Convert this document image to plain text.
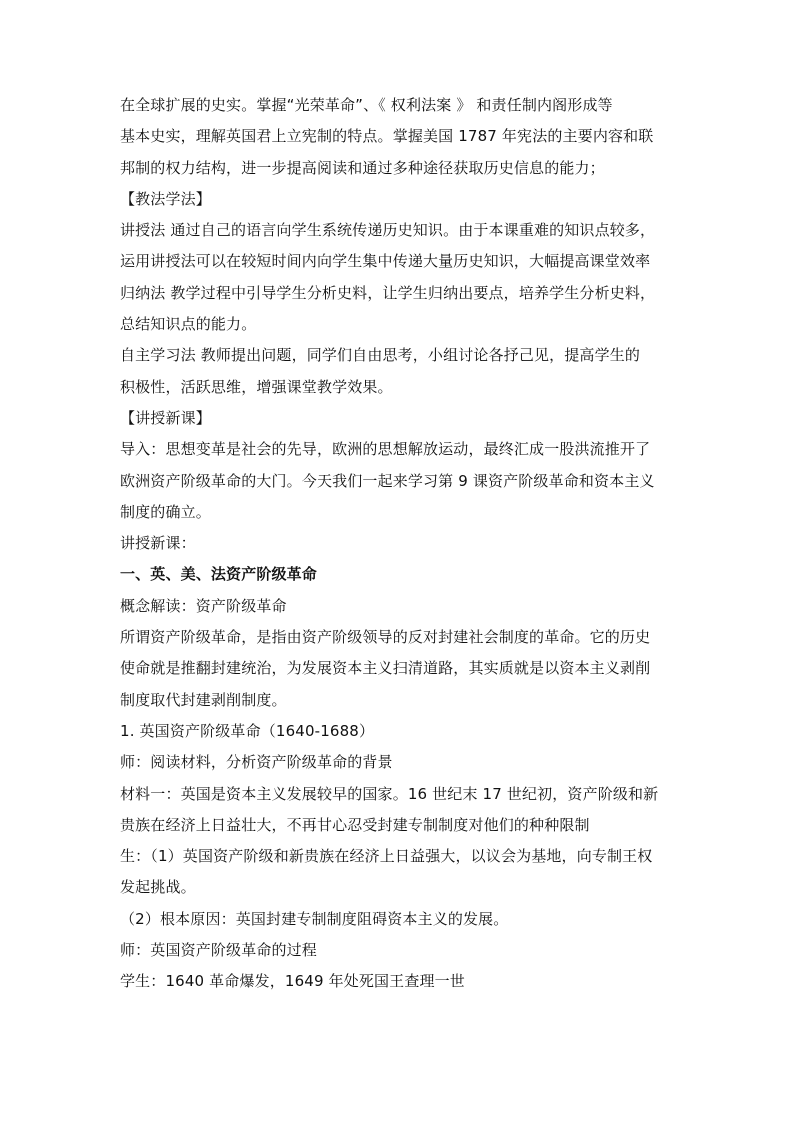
在全球扩展的史实。掌握“光荣革命”、《 权利法案 》 和责任制内阁形成等
基本史实，理解英国君上立宪制的特点。掌握美国 1787 年宪法的主要内容和联
邦制的权力结构，进一步提高阅读和通过多种途径获取历史信息的能力；
【教法学法】
讲授法 通过自己的语言向学生系统传递历史知识。由于本课重难的知识点较多，
运用讲授法可以在较短时间内向学生集中传递大量历史知识，大幅提高课堂效率
归纳法 教学过程中引导学生分析史料，让学生归纳出要点，培养学生分析史料，
总结知识点的能力。
自主学习法 教师提出问题，同学们自由思考，小组讨论各抒己见，提高学生的
积极性，活跃思维，增强课堂教学效果。
【讲授新课】
导入：思想变革是社会的先导，欧洲的思想解放运动，最终汇成一股洪流推开了
欧洲资产阶级革命的大门。今天我们一起来学习第 9 课资产阶级革命和资本主义
制度的确立。
讲授新课：
一、英、美、法资产阶级革命
概念解读：资产阶级革命
所谓资产阶级革命，是指由资产阶级领导的反对封建社会制度的革命。它的历史
使命就是推翻封建统治，为发展资本主义扫清道路，其实质就是以资本主义剥削
制度取代封建剥削制度。
1. 英国资产阶级革命（1640-1688）
师：阅读材料，分析资产阶级革命的背景
材料一：英国是资本主义发展较早的国家。16 世纪末 17 世纪初，资产阶级和新
贵族在经济上日益壮大，不再甘心忍受封建专制制度对他们的种种限制
生：（1）英国资产阶级和新贵族在经济上日益强大，以议会为基地，向专制王权
发起挑战。
（2）根本原因：英国封建专制制度阻碍资本主义的发展。
师：英国资产阶级革命的过程
学生：1640 革命爆发，1649 年处死国王查理一世
